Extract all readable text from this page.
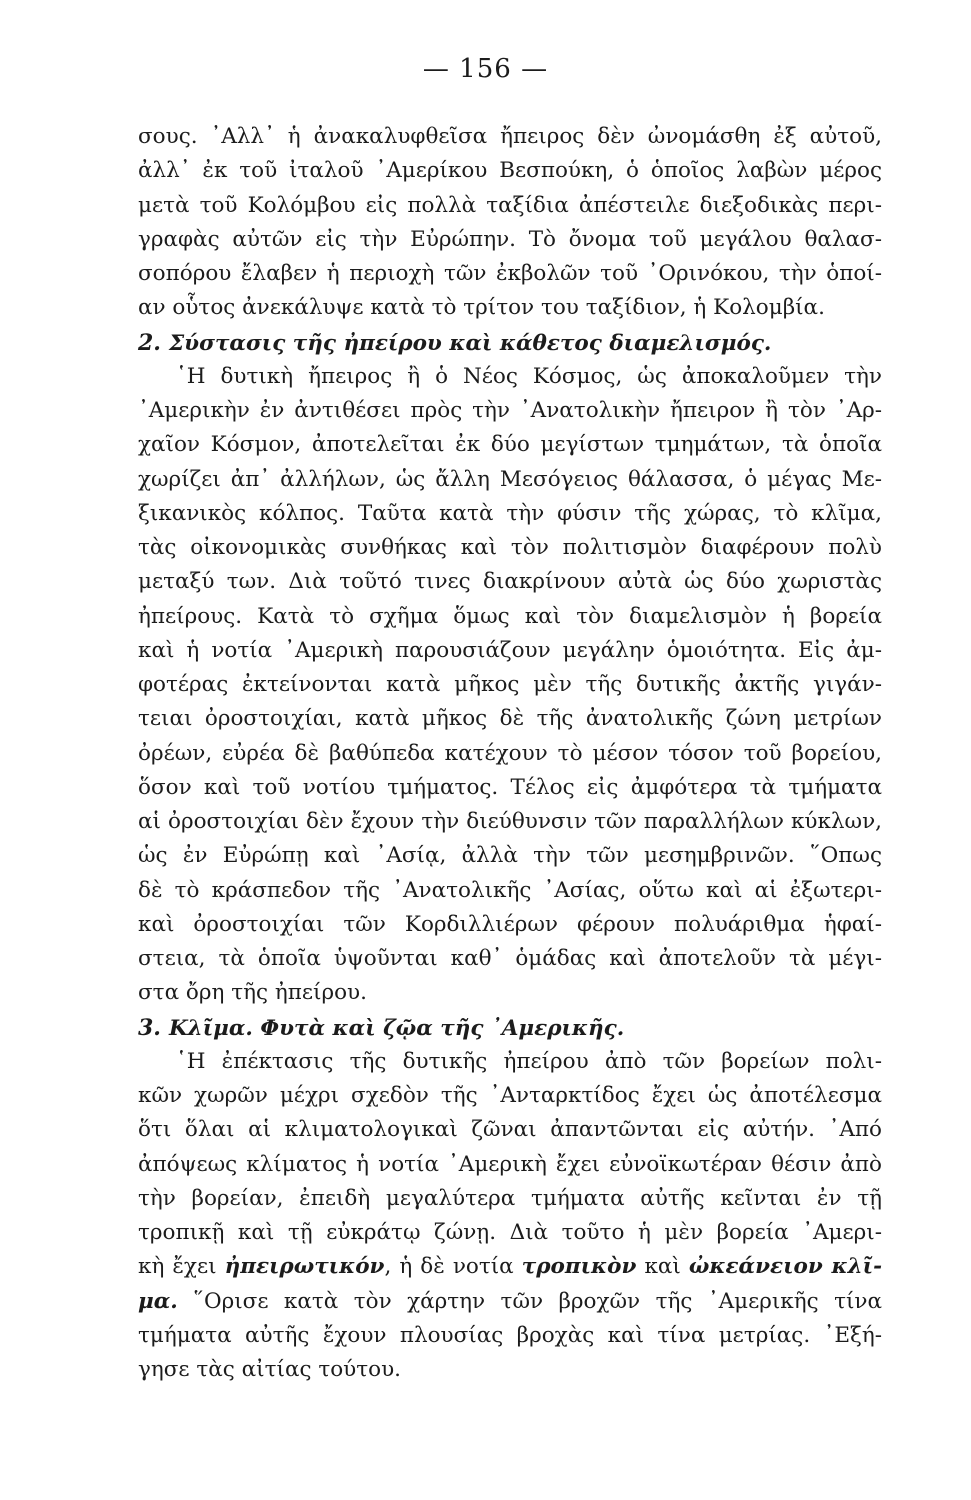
— 156 —
σους. ᾿Αλλ᾿ ἡ ἀνακαλυφθεῖσα ἤπειρος δὲν ὠνομάσθη ἐξ αὐτοῦ,
ἀλλ᾿ ἐκ τοῦ ἰταλοῦ ᾿Αμερίκου Βεσπούκη, ὁ ὁποῖος λαβὼν μέρος
μετὰ τοῦ Κολόμβου εἰς πολλὰ ταξίδια ἀπέστειλε διεξοδικὰς περι-
γραφὰς αὐτῶν εἰς τὴν Εὐρώπην. Τὸ ὄνομα τοῦ μεγάλου θαλασ-
σοπόρου ἔλαβεν ἡ περιοχὴ τῶν ἐκβολῶν τοῦ ᾿Ορινόκου, τὴν ὁποί-
αν οὗτος ἀνεκάλυψε κατὰ τὸ τρίτον του ταξίδιον, ἡ Κολομβία.
2. Σύστασις τῆς ἠπείρου καὶ κάθετος διαμελισμός.
῾Η δυτικὴ ἤπειρος ἢ ὁ Νέος Κόσμος, ὡς ἀποκαλοῦμεν τὴν
᾿Αμερικὴν ἐν ἀντιθέσει πρὸς τὴν ᾿Ανατολικὴν ἤπειρον ἢ τὸν ᾿Αρ-
χαῖον Κόσμον, ἀποτελεῖται ἐκ δύο μεγίστων τμημάτων, τὰ ὁποῖα
χωρίζει ἀπ᾿ ἀλλήλων, ὡς ἄλλη Μεσόγειος θάλασσα, ὁ μέγας Με-
ξικανικὸς κόλπος. Ταῦτα κατὰ τὴν φύσιν τῆς χώρας, τὸ κλῖμα,
τὰς οἰκονομικὰς συνθήκας καὶ τὸν πολιτισμὸν διαφέρουν πολὺ
μεταξύ των. Διὰ τοῦτό τινες διακρίνουν αὐτὰ ὡς δύο χωριστὰς
ἠπείρους. Κατὰ τὸ σχῆμα ὅμως καὶ τὸν διαμελισμὸν ἡ βορεία
καὶ ἡ νοτία ᾿Αμερικὴ παρουσιάζουν μεγάλην ὁμοιότητα. Εἰς ἀμ-
φοτέρας ἐκτείνονται κατὰ μῆκος μὲν τῆς δυτικῆς ἀκτῆς γιγάν-
τειαι ὀροστοιχίαι, κατὰ μῆκος δὲ τῆς ἀνατολικῆς ζώνη μετρίων
ὀρέων, εὐρέα δὲ βαθύπεδα κατέχουν τὸ μέσον τόσον τοῦ βορείου,
ὅσον καὶ τοῦ νοτίου τμήματος. Τέλος εἰς ἀμφότερα τὰ τμήματα
αἱ ὀροστοιχίαι δὲν ἔχουν τὴν διεύθυνσιν τῶν παραλλήλων κύκλων,
ὡς ἐν Εὐρώπῃ καὶ ᾿Ασίᾳ, ἀλλὰ τὴν τῶν μεσημβρινῶν. ῞Οπως
δὲ τὸ κράσπεδον τῆς ᾿Ανατολικῆς ᾿Ασίας, οὕτω καὶ αἱ ἐξωτερι-
καὶ ὀροστοιχίαι τῶν Κορδιλλιέρων φέρουν πολυάριθμα ἡφαί-
στεια, τὰ ὁποῖα ὑψοῦνται καθ᾿ ὁμάδας καὶ ἀποτελοῦν τὰ μέγι-
στα ὄρη τῆς ἠπείρου.
3. Κλῖμα. Φυτὰ καὶ ζῷα τῆς ᾿Αμερικῆς.
῾Η ἐπέκτασις τῆς δυτικῆς ἠπείρου ἀπὸ τῶν βορείων πολι-
κῶν χωρῶν μέχρι σχεδὸν τῆς ᾿Ανταρκτίδος ἔχει ὡς ἀποτέλεσμα
ὅτι ὅλαι αἱ κλιματολογικαὶ ζῶναι ἀπαντῶνται εἰς αὐτήν. ᾿Από
ἀπόψεως κλίματος ἡ νοτία ᾿Αμερικὴ ἔχει εὐνοϊκωτέραν θέσιν ἀπὸ
τὴν βορείαν, ἐπειδὴ μεγαλύτερα τμήματα αὐτῆς κεῖνται ἐν τῇ
τροπικῇ καὶ τῇ εὐκράτῳ ζώνῃ. Διὰ τοῦτο ἡ μὲν βορεία ᾿Αμερι-
κὴ ἔχει ἠπειρωτικόν, ἡ δὲ νοτία τροπικὸν καὶ ὠκεάνειον κλῖ-
μα. ῞Ορισε κατὰ τὸν χάρτην τῶν βροχῶν τῆς ᾿Αμερικῆς τίνα
τμήματα αὐτῆς ἔχουν πλουσίας βροχὰς καὶ τίνα μετρίας. ᾿Εξή-
γησε τὰς αἰτίας τούτου.
